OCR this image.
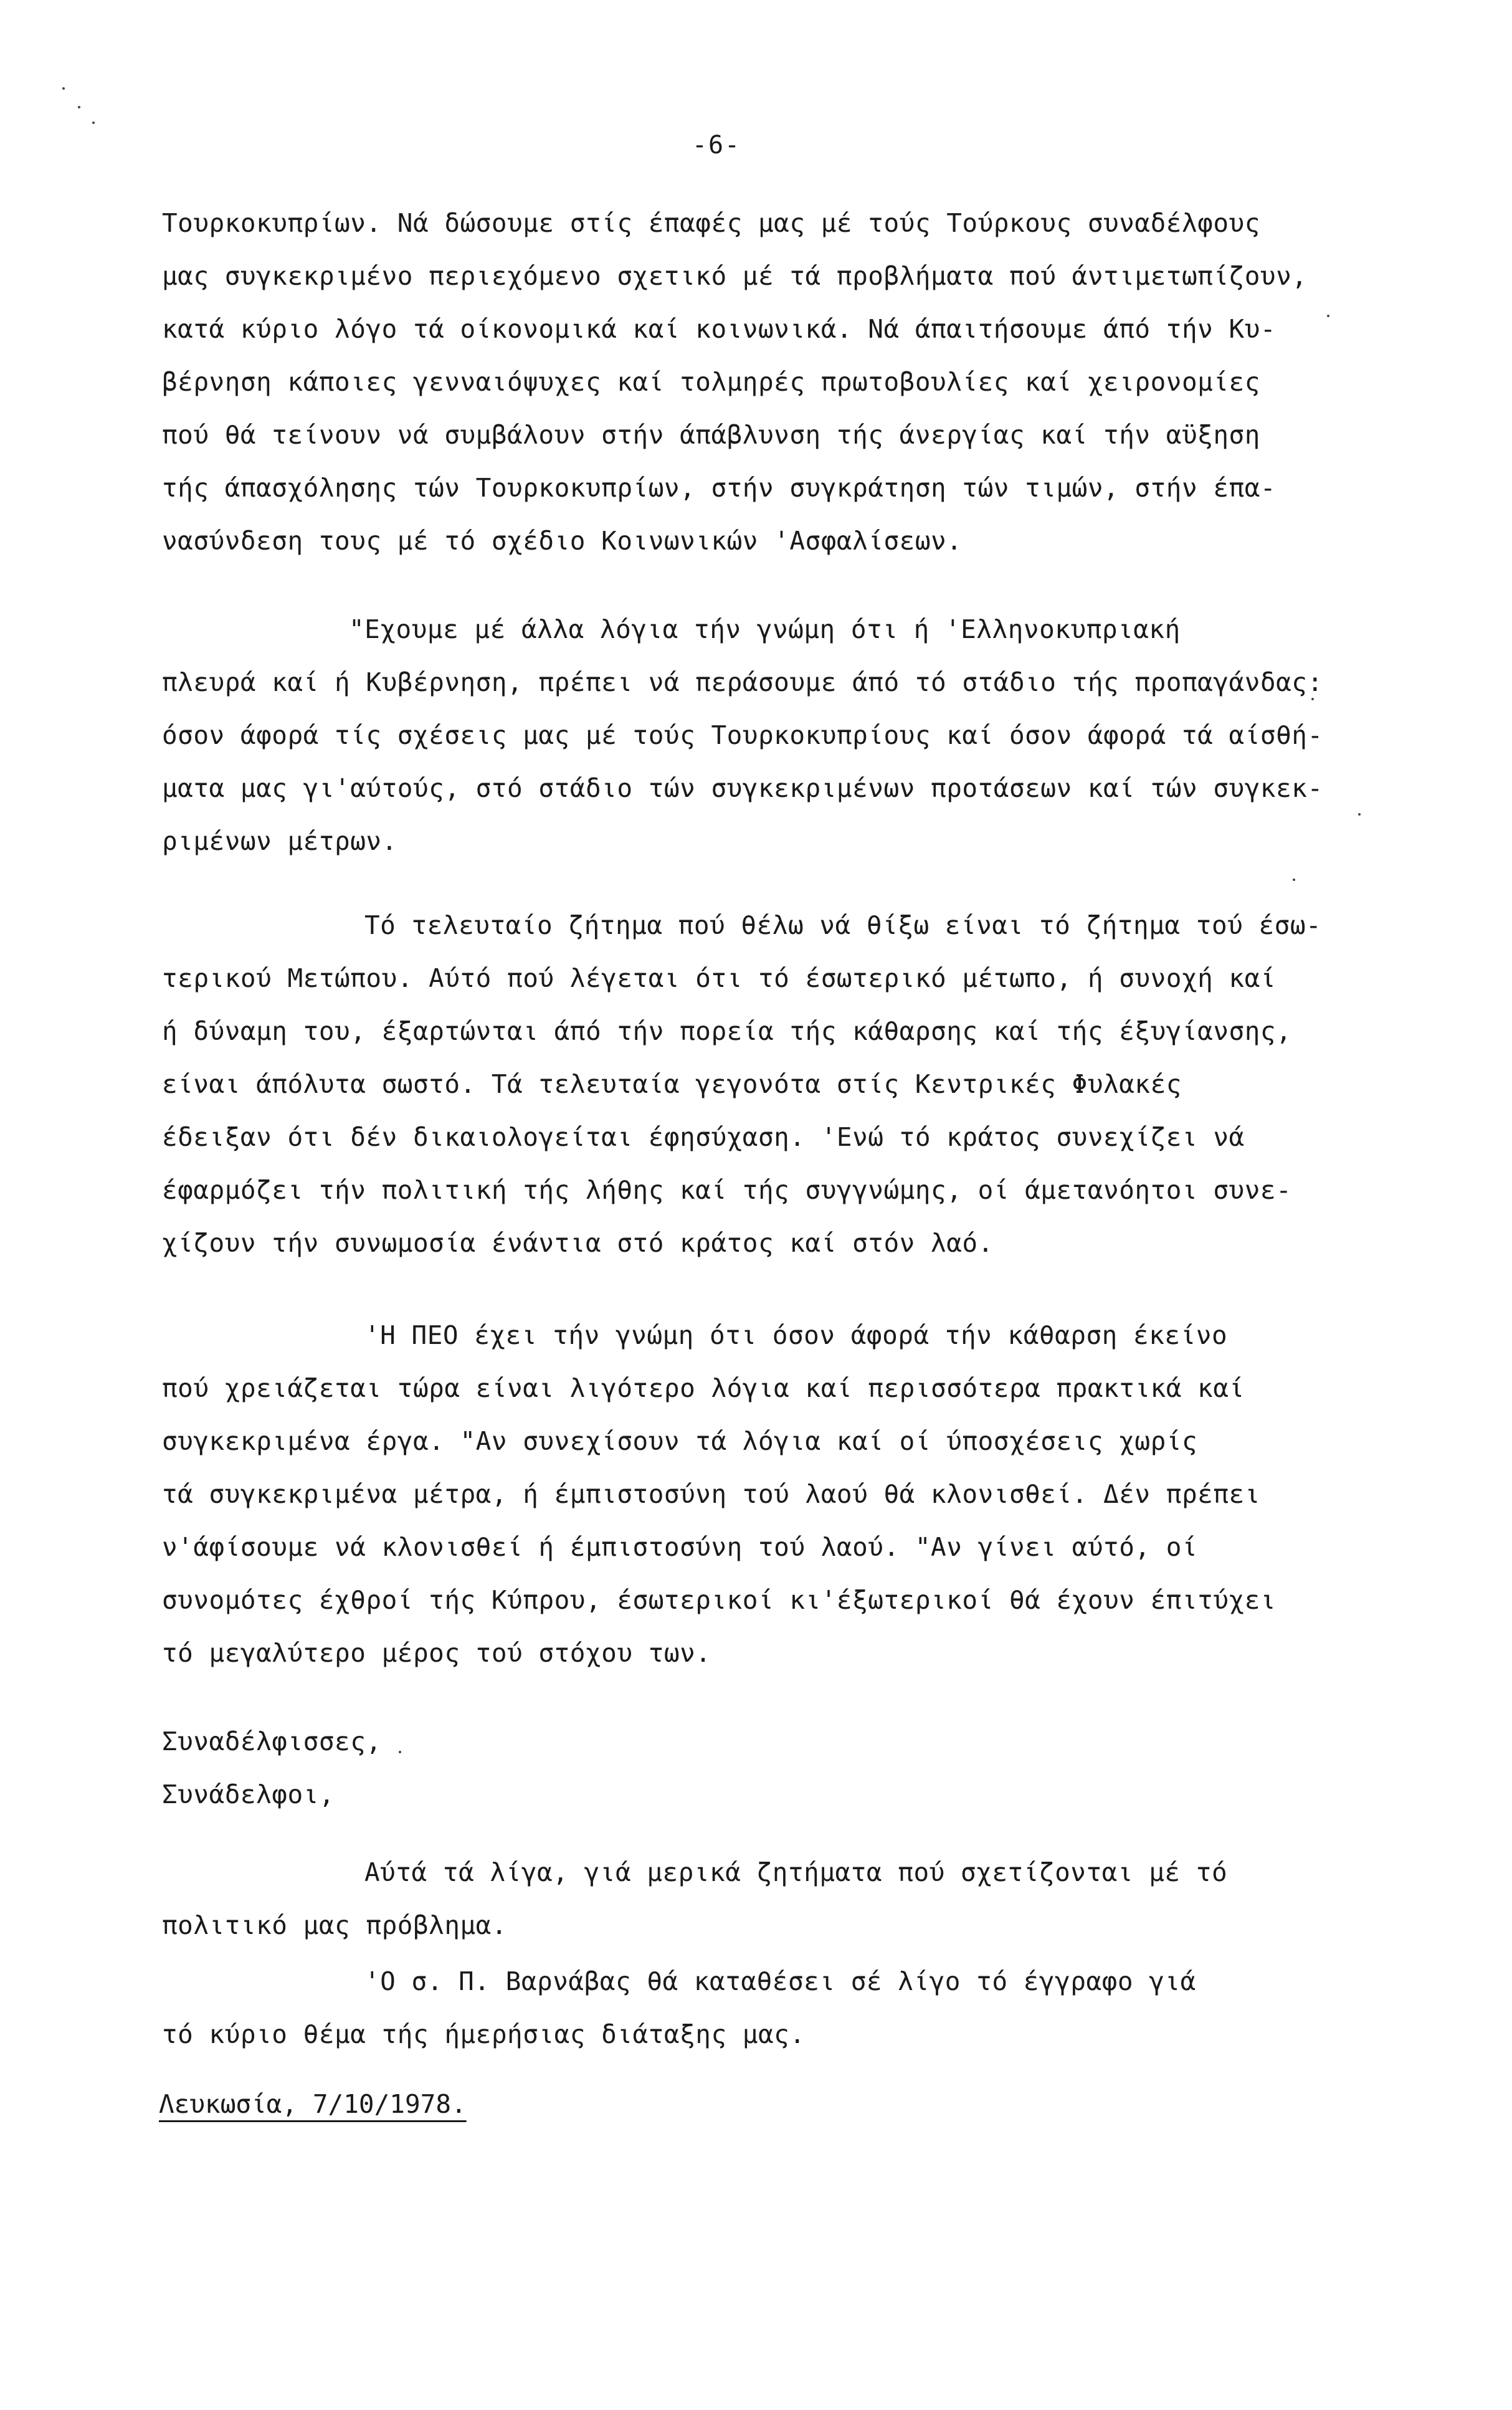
-6-
Τουρκοκυπρίων. Νά δώσουμε στίς έπαφές μας μέ τούς Τούρκους συναδέλφους
μας συγκεκριμένο περιεχόμενο σχετικό μέ τά προβλήματα πού άντιμετωπίζουν,
κατά κύριο λόγο τά οίκονομικά καί κοινωνικά. Νά άπαιτήσουμε άπό τήν Κυ-
βέρνηση κάποιες γενναιόψυχες καί τολμηρές πρωτοβουλίες καί χειρονομίες
πού θά τείνουν νά συμβάλουν στήν άπάβλυνση τής άνεργίας καί τήν αϋξηση
τής άπασχόλησης τών Τουρκοκυπρίων, στήν συγκράτηση τών τιμών, στήν έπα-
νασύνδεση τους μέ τό σχέδιο Κοινωνικών 'Ασφαλίσεων.
"Εχουμε μέ άλλα λόγια τήν γνώμη ότι ή 'Ελληνοκυπριακή
πλευρά καί ή Κυβέρνηση, πρέπει νά περάσουμε άπό τό στάδιο τής προπαγάνδας:
όσον άφορά τίς σχέσεις μας μέ τούς Τουρκοκυπρίους καί όσον άφορά τά αίσθή-
ματα μας γι'αύτούς, στό στάδιο τών συγκεκριμένων προτάσεων καί τών συγκεκ-
ριμένων μέτρων.
Τό τελευταίο ζήτημα πού θέλω νά θίξω είναι τό ζήτημα τού έσω-
τερικού Μετώπου. Αύτό πού λέγεται ότι τό έσωτερικό μέτωπο, ή συνοχή καί
ή δύναμη του, έξαρτώνται άπό τήν πορεία τής κάθαρσης καί τής έξυγίανσης,
είναι άπόλυτα σωστό. Τά τελευταία γεγονότα στίς Κεντρικές Φυλακές
έδειξαν ότι δέν δικαιολογείται έφησύχαση. 'Ενώ τό κράτος συνεχίζει νά
έφαρμόζει τήν πολιτική τής λήθης καί τής συγγνώμης, οί άμετανόητοι συνε-
χίζουν τήν συνωμοσία ένάντια στό κράτος καί στόν λαό.
'Η ΠΕΟ έχει τήν γνώμη ότι όσον άφορά τήν κάθαρση έκείνο
πού χρειάζεται τώρα είναι λιγότερο λόγια καί περισσότερα πρακτικά καί
συγκεκριμένα έργα. "Αν συνεχίσουν τά λόγια καί οί ύποσχέσεις χωρίς
τά συγκεκριμένα μέτρα, ή έμπιστοσύνη τού λαού θά κλονισθεί. Δέν πρέπει
ν'άφίσουμε νά κλονισθεί ή έμπιστοσύνη τού λαού. "Αν γίνει αύτό, οί
συνομότες έχθροί τής Κύπρου, έσωτερικοί κι'έξωτερικοί θά έχουν έπιτύχει
τό μεγαλύτερο μέρος τού στόχου των.
Συναδέλφισσες,
Συνάδελφοι,
Αύτά τά λίγα, γιά μερικά ζητήματα πού σχετίζονται μέ τό
πολιτικό μας πρόβλημα.
'Ο σ. Π. Βαρνάβας θά καταθέσει σέ λίγο τό έγγραφο γιά
τό κύριο θέμα τής ήμερήσιας διάταξης μας.
Λευκωσία, 7/10/1978.
